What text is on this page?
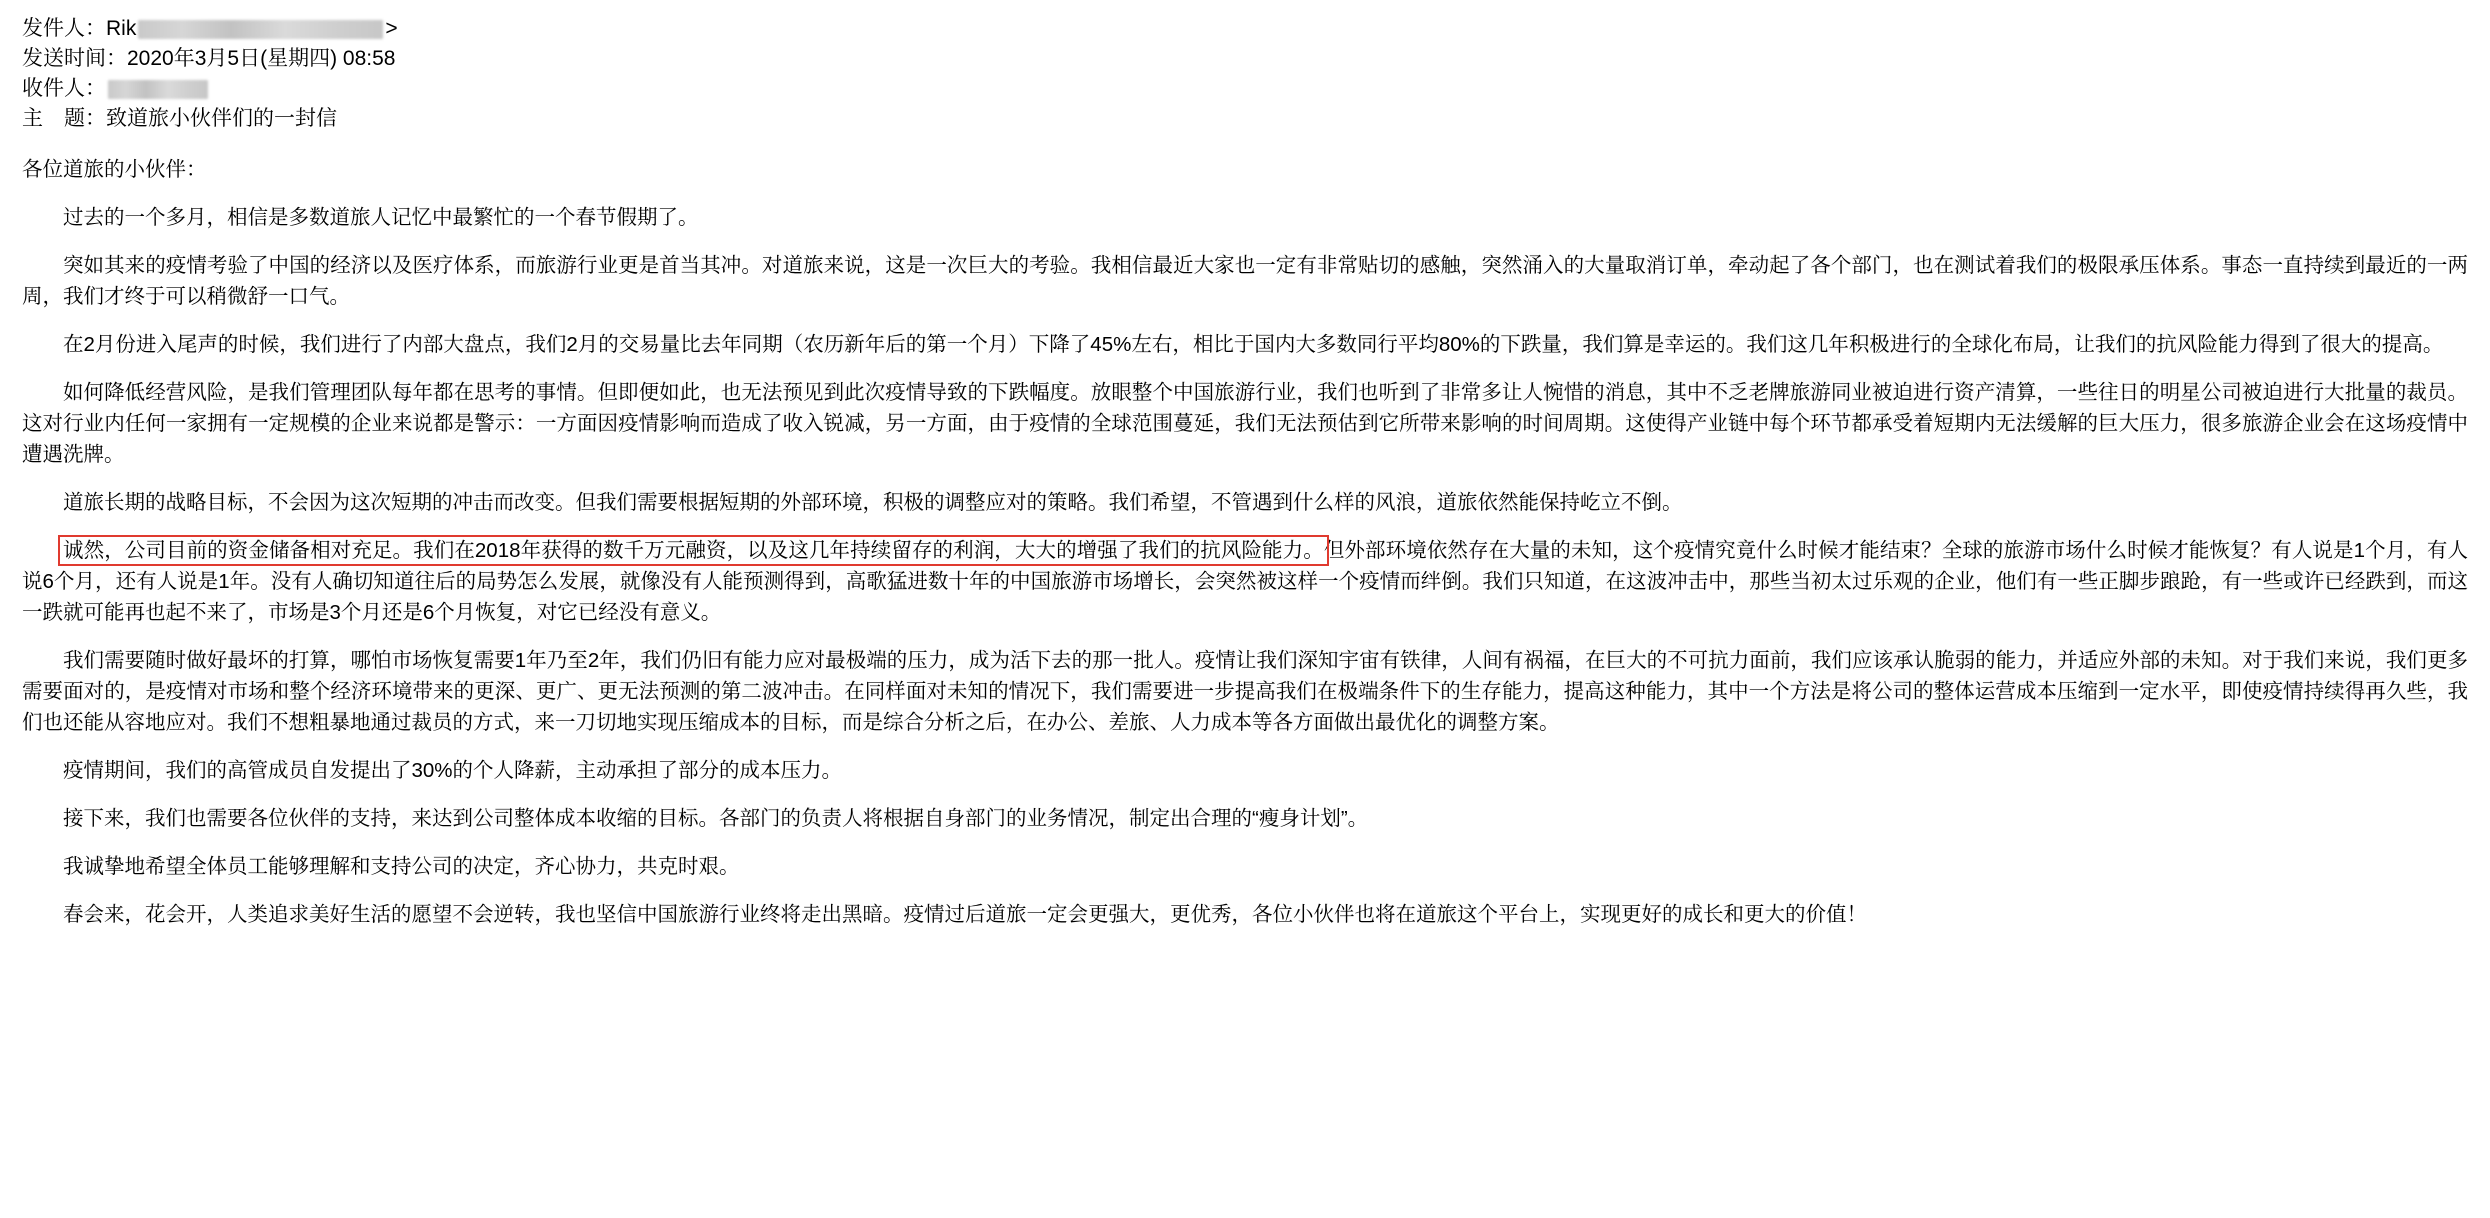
发件人： Rik	>
发送时间： 2020年3月5日(星期四) 08:58
收件人：
主　题： 致道旅小伙伴们的一封信

各位道旅的小伙伴：

过去的一个多月，相信是多数道旅人记忆中最繁忙的一个春节假期了。

突如其来的疫情考验了中国的经济以及医疗体系，而旅游行业更是首当其冲。对道旅来说，这是一次巨大的考验。我相信最近大家也一定有非常贴切的感触，突然涌入的大量取消订单，牵动起了各个部门，也在测试着我们的极限承压体系。事态一直持续到最近的一两周，我们才终于可以稍微舒一口气。

在2月份进入尾声的时候，我们进行了内部大盘点，我们2月的交易量比去年同期（农历新年后的第一个月）下降了45%左右，相比于国内大多数同行平均80%的下跌量，我们算是幸运的。我们这几年积极进行的全球化布局，让我们的抗风险能力得到了很大的提高。

如何降低经营风险，是我们管理团队每年都在思考的事情。但即便如此，也无法预见到此次疫情导致的下跌幅度。放眼整个中国旅游行业，我们也听到了非常多让人惋惜的消息，其中不乏老牌旅游同业被迫进行资产清算，一些往日的明星公司被迫进行大批量的裁员。这对行业内任何一家拥有一定规模的企业来说都是警示：一方面因疫情影响而造成了收入锐减，另一方面，由于疫情的全球范围蔓延，我们无法预估到它所带来影响的时间周期。这使得产业链中每个环节都承受着短期内无法缓解的巨大压力，很多旅游企业会在这场疫情中遭遇洗牌。

道旅长期的战略目标，不会因为这次短期的冲击而改变。但我们需要根据短期的外部环境，积极的调整应对的策略。我们希望，不管遇到什么样的风浪，道旅依然能保持屹立不倒。

诚然，公司目前的资金储备相对充足。我们在2018年获得的数千万元融资，以及这几年持续留存的利润，大大的增强了我们的抗风险能力。但外部环境依然存在大量的未知，这个疫情究竟什么时候才能结束？全球的旅游市场什么时候才能恢复？有人说是1个月，有人说6个月，还有人说是1年。没有人确切知道往后的局势怎么发展，就像没有人能预测得到，高歌猛进数十年的中国旅游市场增长，会突然被这样一个疫情而绊倒。我们只知道，在这波冲击中，那些当初太过乐观的企业，他们有一些正脚步踉跄，有一些或许已经跌到，而这一跌就可能再也起不来了，市场是3个月还是6个月恢复，对它已经没有意义。

我们需要随时做好最坏的打算，哪怕市场恢复需要1年乃至2年，我们仍旧有能力应对最极端的压力，成为活下去的那一批人。疫情让我们深知宇宙有铁律，人间有祸福，在巨大的不可抗力面前，我们应该承认脆弱的能力，并适应外部的未知。对于我们来说，我们更多需要面对的，是疫情对市场和整个经济环境带来的更深、更广、更无法预测的第二波冲击。在同样面对未知的情况下，我们需要进一步提高我们在极端条件下的生存能力，提高这种能力，其中一个方法是将公司的整体运营成本压缩到一定水平，即使疫情持续得再久些，我们也还能从容地应对。我们不想粗暴地通过裁员的方式，来一刀切地实现压缩成本的目标，而是综合分析之后，在办公、差旅、人力成本等各方面做出最优化的调整方案。

疫情期间，我们的高管成员自发提出了30%的个人降薪，主动承担了部分的成本压力。

接下来，我们也需要各位伙伴的支持，来达到公司整体成本收缩的目标。各部门的负责人将根据自身部门的业务情况，制定出合理的“瘦身计划”。

我诚挚地希望全体员工能够理解和支持公司的决定，齐心协力，共克时艰。

春会来，花会开，人类追求美好生活的愿望不会逆转，我也坚信中国旅游行业终将走出黑暗。疫情过后道旅一定会更强大，更优秀，各位小伙伴也将在道旅这个平台上，实现更好的成长和更大的价值！
